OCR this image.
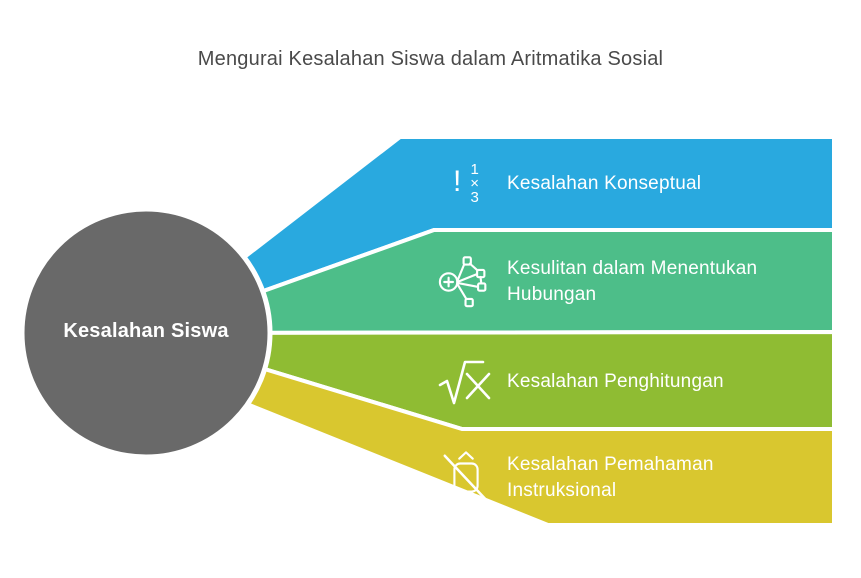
Mengurai Kesalahan Siswa dalam Aritmatika Sosial
Kesalahan Siswa
! 1
×
3
Kesalahan Konseptual
Kesulitan dalam Menentukan Hubungan
Kesalahan Penghitungan
Kesalahan Pemahaman Instruksional
